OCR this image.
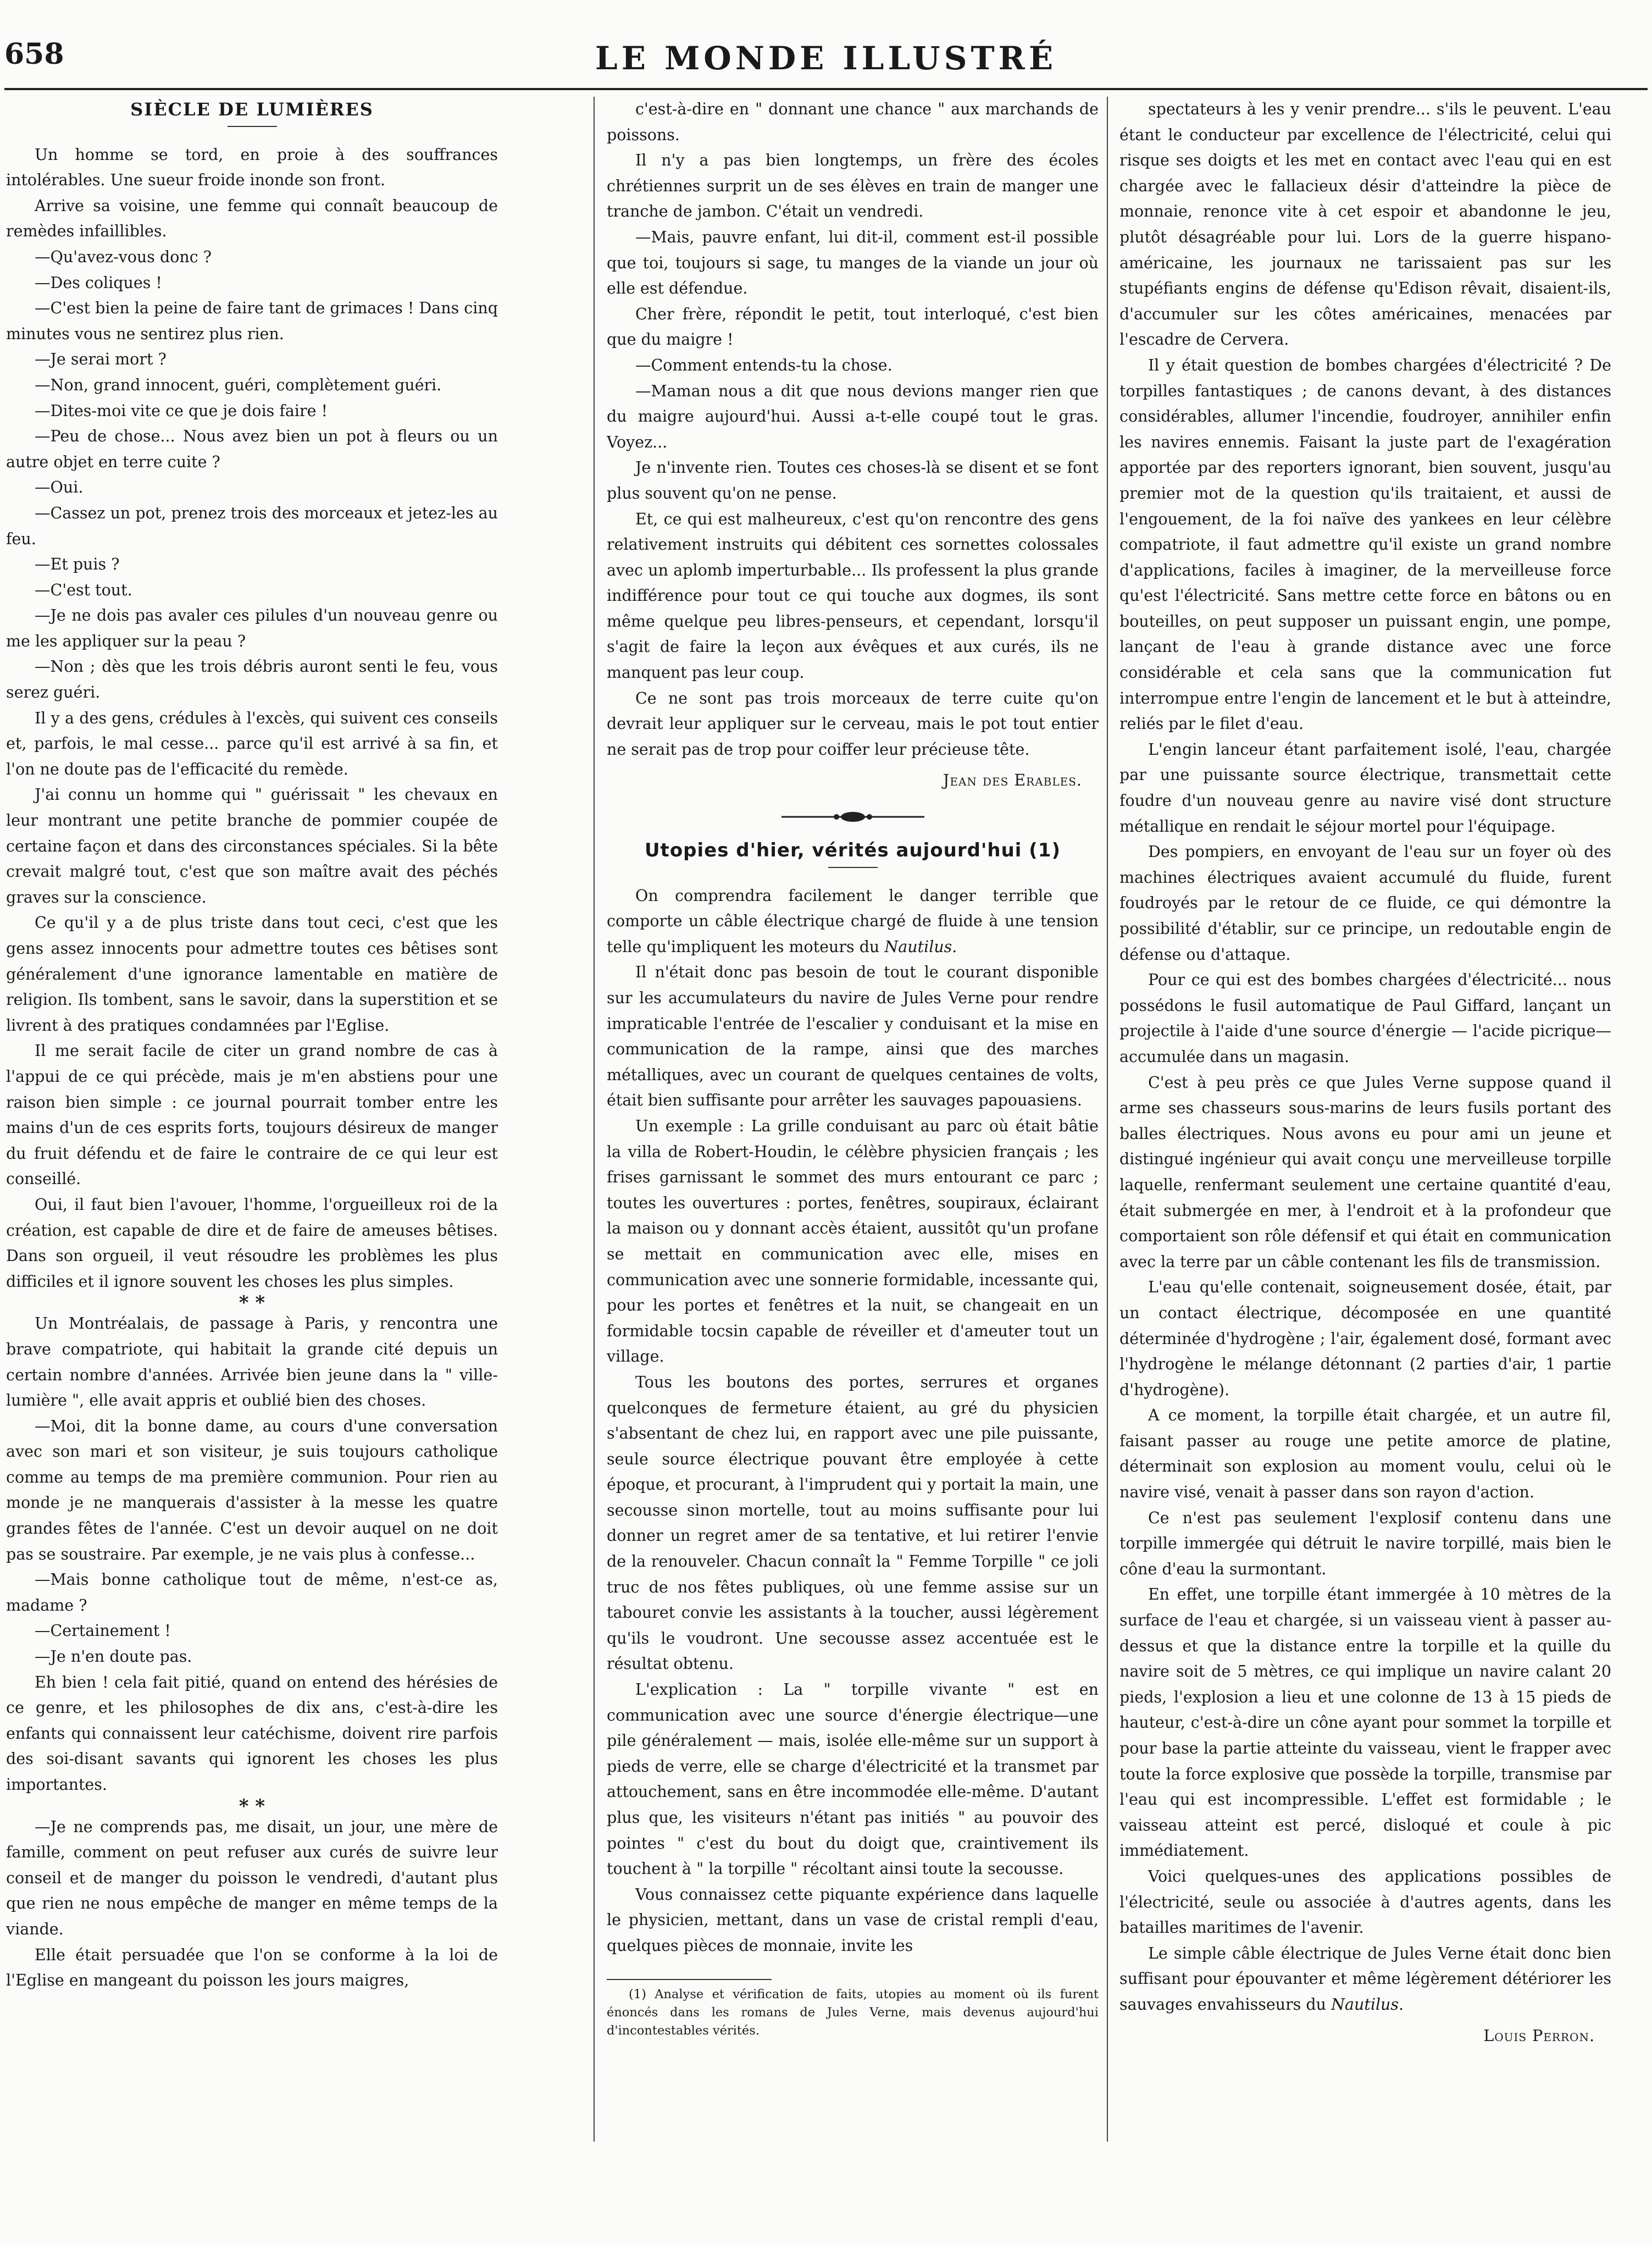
658	LE MONDE ILLUSTRÉ

SIÈCLE DE LUMIÈRES

Un homme se tord, en proie à des souffrances intolérables. Une sueur froide inonde son front.

Arrive sa voisine, une femme qui connaît beaucoup de remèdes infaillibles.

—Qu'avez-vous donc ?

—Des coliques !

—C'est bien la peine de faire tant de grimaces ! Dans cinq minutes vous ne sentirez plus rien.

—Je serai mort ?

—Non, grand innocent, guéri, complètement guéri.

—Dites-moi vite ce que je dois faire !

—Peu de chose... Nous avez bien un pot à fleurs ou un autre objet en terre cuite ?

—Oui.

—Cassez un pot, prenez trois des morceaux et jetez-les au feu.

—Et puis ?

—C'est tout.

—Je ne dois pas avaler ces pilules d'un nouveau genre ou me les appliquer sur la peau ?

—Non ; dès que les trois débris auront senti le feu, vous serez guéri.

Il y a des gens, crédules à l'excès, qui suivent ces conseils et, parfois, le mal cesse... parce qu'il est arrivé à sa fin, et l'on ne doute pas de l'efficacité du remède.

J'ai connu un homme qui " guérissait " les chevaux en leur montrant une petite branche de pommier coupée de certaine façon et dans des circonstances spéciales. Si la bête crevait malgré tout, c'est que son maître avait des péchés graves sur la conscience.

Ce qu'il y a de plus triste dans tout ceci, c'est que les gens assez innocents pour admettre toutes ces bêtises sont généralement d'une ignorance lamentable en matière de religion. Ils tombent, sans le savoir, dans la superstition et se livrent à des pratiques condamnées par l'Eglise.

Il me serait facile de citer un grand nombre de cas à l'appui de ce qui précède, mais je m'en abstiens pour une raison bien simple : ce journal pourrait tomber entre les mains d'un de ces esprits forts, toujours désireux de manger du fruit défendu et de faire le contraire de ce qui leur est conseillé.

Oui, il faut bien l'avouer, l'homme, l'orgueilleux roi de la création, est capable de dire et de faire de ameuses bêtises. Dans son orgueil, il veut résoudre les problèmes les plus difficiles et il ignore souvent les choses les plus simples.

* *

Un Montréalais, de passage à Paris, y rencontra une brave compatriote, qui habitait la grande cité depuis un certain nombre d'années. Arrivée bien jeune dans la " ville-lumière ", elle avait appris et oublié bien des choses.

—Moi, dit la bonne dame, au cours d'une conversation avec son mari et son visiteur, je suis toujours catholique comme au temps de ma première communion. Pour rien au monde je ne manquerais d'assister à la messe les quatre grandes fêtes de l'année. C'est un devoir auquel on ne doit pas se soustraire. Par exemple, je ne vais plus à confesse...

—Mais bonne catholique tout de même, n'est-ce as, madame ?

—Certainement !

—Je n'en doute pas.

Eh bien ! cela fait pitié, quand on entend des hérésies de ce genre, et les philosophes de dix ans, c'est-à-dire les enfants qui connaissent leur catéchisme, doivent rire parfois des soi-disant savants qui ignorent les choses les plus importantes.

* *

—Je ne comprends pas, me disait, un jour, une mère de famille, comment on peut refuser aux curés de suivre leur conseil et de manger du poisson le vendredi, d'autant plus que rien ne nous empêche de manger en même temps de la viande.

Elle était persuadée que l'on se conforme à la loi de l'Eglise en mangeant du poisson les jours maigres,

c'est-à-dire en " donnant une chance " aux marchands de poissons.

Il n'y a pas bien longtemps, un frère des écoles chrétiennes surprit un de ses élèves en train de manger une tranche de jambon. C'était un vendredi.

—Mais, pauvre enfant, lui dit-il, comment est-il possible que toi, toujours si sage, tu manges de la viande un jour où elle est défendue.

Cher frère, répondit le petit, tout interloqué, c'est bien que du maigre !

—Comment entends-tu la chose.

—Maman nous a dit que nous devions manger rien que du maigre aujourd'hui. Aussi a-t-elle coupé tout le gras. Voyez...

Je n'invente rien. Toutes ces choses-là se disent et se font plus souvent qu'on ne pense.

Et, ce qui est malheureux, c'est qu'on rencontre des gens relativement instruits qui débitent ces sornettes colossales avec un aplomb imperturbable... Ils professent la plus grande indifférence pour tout ce qui touche aux dogmes, ils sont même quelque peu libres-penseurs, et cependant, lorsqu'il s'agit de faire la leçon aux évêques et aux curés, ils ne manquent pas leur coup.

Ce ne sont pas trois morceaux de terre cuite qu'on devrait leur appliquer sur le cerveau, mais le pot tout entier ne serait pas de trop pour coiffer leur précieuse tête.

Jean des Erables.

Utopies d'hier, vérités aujourd'hui (1)

On comprendra facilement le danger terrible que comporte un câble électrique chargé de fluide à une tension telle qu'impliquent les moteurs du Nautilus.

Il n'était donc pas besoin de tout le courant disponible sur les accumulateurs du navire de Jules Verne pour rendre impraticable l'entrée de l'escalier y conduisant et la mise en communication de la rampe, ainsi que des marches métalliques, avec un courant de quelques centaines de volts, était bien suffisante pour arrêter les sauvages papouasiens.

Un exemple : La grille conduisant au parc où était bâtie la villa de Robert-Houdin, le célèbre physicien français ; les frises garnissant le sommet des murs entourant ce parc ; toutes les ouvertures : portes, fenêtres, soupiraux, éclairant la maison ou y donnant accès étaient, aussitôt qu'un profane se mettait en communication avec elle, mises en communication avec une sonnerie formidable, incessante qui, pour les portes et fenêtres et la nuit, se changeait en un formidable tocsin capable de réveiller et d'ameuter tout un village.

Tous les boutons des portes, serrures et organes quelconques de fermeture étaient, au gré du physicien s'absentant de chez lui, en rapport avec une pile puissante, seule source électrique pouvant être employée à cette époque, et procurant, à l'imprudent qui y portait la main, une secousse sinon mortelle, tout au moins suffisante pour lui donner un regret amer de sa tentative, et lui retirer l'envie de la renouveler. Chacun connaît la " Femme Torpille " ce joli truc de nos fêtes publiques, où une femme assise sur un tabouret convie les assistants à la toucher, aussi légèrement qu'ils le voudront. Une secousse assez accentuée est le résultat obtenu.

L'explication : La " torpille vivante " est en communication avec une source d'énergie électrique—une pile généralement — mais, isolée elle-même sur un support à pieds de verre, elle se charge d'électricité et la transmet par attouchement, sans en être incommodée elle-même. D'autant plus que, les visiteurs n'étant pas initiés " au pouvoir des pointes " c'est du bout du doigt que, craintivement ils touchent à " la torpille " récoltant ainsi toute la secousse.

Vous connaissez cette piquante expérience dans laquelle le physicien, mettant, dans un vase de cristal rempli d'eau, quelques pièces de monnaie, invite les

(1) Analyse et vérification de faits, utopies au moment où ils furent énoncés dans les romans de Jules Verne, mais devenus aujourd'hui d'incontestables vérités.

spectateurs à les y venir prendre... s'ils le peuvent. L'eau étant le conducteur par excellence de l'électricité, celui qui risque ses doigts et les met en contact avec l'eau qui en est chargée avec le fallacieux désir d'atteindre la pièce de monnaie, renonce vite à cet espoir et abandonne le jeu, plutôt désagréable pour lui. Lors de la guerre hispano-américaine, les journaux ne tarissaient pas sur les stupéfiants engins de défense qu'Edison rêvait, disaient-ils, d'accumuler sur les côtes américaines, menacées par l'escadre de Cervera.

Il y était question de bombes chargées d'électricité ? De torpilles fantastiques ; de canons devant, à des distances considérables, allumer l'incendie, foudroyer, annihiler enfin les navires ennemis. Faisant la juste part de l'exagération apportée par des reporters ignorant, bien souvent, jusqu'au premier mot de la question qu'ils traitaient, et aussi de l'engouement, de la foi naïve des yankees en leur célèbre compatriote, il faut admettre qu'il existe un grand nombre d'applications, faciles à imaginer, de la merveilleuse force qu'est l'électricité. Sans mettre cette force en bâtons ou en bouteilles, on peut supposer un puissant engin, une pompe, lançant de l'eau à grande distance avec une force considérable et cela sans que la communication fut interrompue entre l'engin de lancement et le but à atteindre, reliés par le filet d'eau.

L'engin lanceur étant parfaitement isolé, l'eau, chargée par une puissante source électrique, transmettait cette foudre d'un nouveau genre au navire visé dont structure métallique en rendait le séjour mortel pour l'équipage.

Des pompiers, en envoyant de l'eau sur un foyer où des machines électriques avaient accumulé du fluide, furent foudroyés par le retour de ce fluide, ce qui démontre la possibilité d'établir, sur ce principe, un redoutable engin de défense ou d'attaque.

Pour ce qui est des bombes chargées d'électricité... nous possédons le fusil automatique de Paul Giffard, lançant un projectile à l'aide d'une source d'énergie — l'acide picrique—accumulée dans un magasin.

C'est à peu près ce que Jules Verne suppose quand il arme ses chasseurs sous-marins de leurs fusils portant des balles électriques. Nous avons eu pour ami un jeune et distingué ingénieur qui avait conçu une merveilleuse torpille laquelle, renfermant seulement une certaine quantité d'eau, était submergée en mer, à l'endroit et à la profondeur que comportaient son rôle défensif et qui était en communication avec la terre par un câble contenant les fils de transmission.

L'eau qu'elle contenait, soigneusement dosée, était, par un contact électrique, décomposée en une quantité déterminée d'hydrogène ; l'air, également dosé, formant avec l'hydrogène le mélange détonnant (2 parties d'air, 1 partie d'hydrogène).

A ce moment, la torpille était chargée, et un autre fil, faisant passer au rouge une petite amorce de platine, déterminait son explosion au moment voulu, celui où le navire visé, venait à passer dans son rayon d'action.

Ce n'est pas seulement l'explosif contenu dans une torpille immergée qui détruit le navire torpillé, mais bien le cône d'eau la surmontant.

En effet, une torpille étant immergée à 10 mètres de la surface de l'eau et chargée, si un vaisseau vient à passer au-dessus et que la distance entre la torpille et la quille du navire soit de 5 mètres, ce qui implique un navire calant 20 pieds, l'explosion a lieu et une colonne de 13 à 15 pieds de hauteur, c'est-à-dire un cône ayant pour sommet la torpille et pour base la partie atteinte du vaisseau, vient le frapper avec toute la force explosive que possède la torpille, transmise par l'eau qui est incompressible. L'effet est formidable ; le vaisseau atteint est percé, disloqué et coule à pic immédiatement.

Voici quelques-unes des applications possibles de l'électricité, seule ou associée à d'autres agents, dans les batailles maritimes de l'avenir.

Le simple câble électrique de Jules Verne était donc bien suffisant pour épouvanter et même légèrement détériorer les sauvages envahisseurs du Nautilus.

Louis Perron.
